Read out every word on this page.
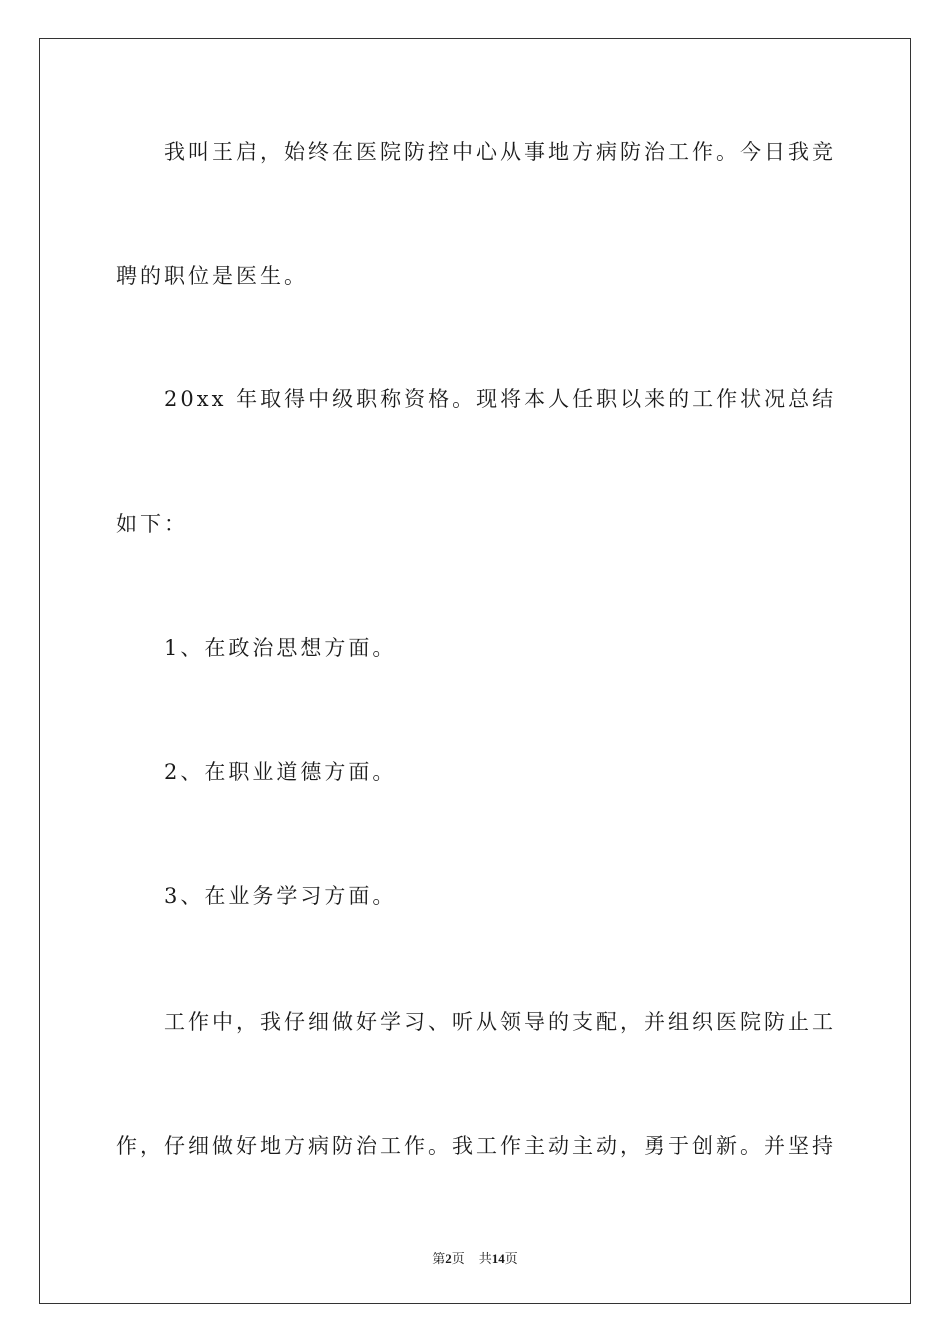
我叫王启，始终在医院防控中心从事地方病防治工作。今日我竞
聘的职位是医生。
20xx 年取得中级职称资格。现将本人任职以来的工作状况总结
如下：
1、在政治思想方面。
2、在职业道德方面。
3、在业务学习方面。
工作中，我仔细做好学习、听从领导的支配，并组织医院防止工
作，仔细做好地方病防治工作。我工作主动主动，勇于创新。并坚持
第2页 共14页
